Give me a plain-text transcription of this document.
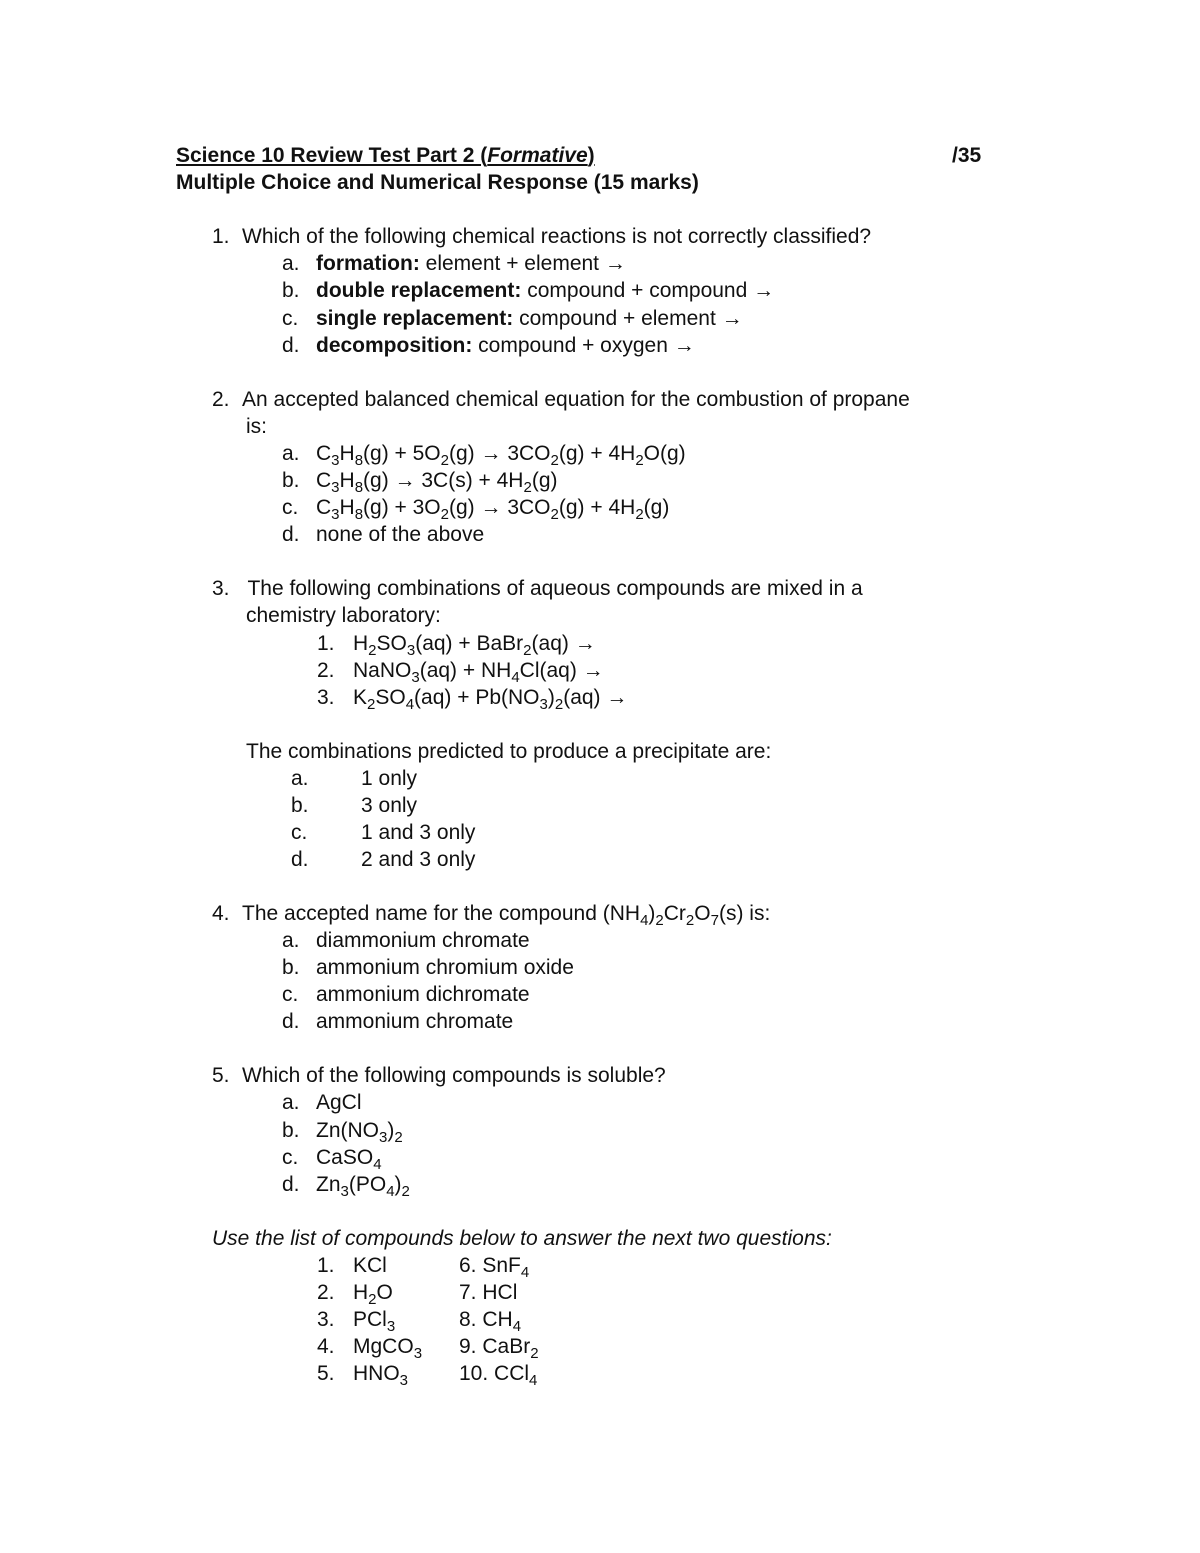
Science 10 Review Test Part 2 (Formative)	/35
Multiple Choice and Numerical Response (15 marks)
1. Which of the following chemical reactions is not correctly classified?
a. formation: element + element →
b. double replacement: compound + compound →
c. single replacement: compound + element →
d. decomposition: compound + oxygen →
2. An accepted balanced chemical equation for the combustion of propane
is:
a. $C_3H_8(g) + 5O_2(g) \to 3CO_2(g) + 4H_2O(g)$
b. $C_3H_8(g) \to 3C(s) + 4H_2(g)$
c. $C_3H_8(g) + 3O_2(g) \to 3CO_2(g) + 4H_2(g)$
d. none of the above
3. The following combinations of aqueous compounds are mixed in a
chemistry laboratory:
1. $H_2SO_3(aq)$ + BaBr$_2$(aq) →
2. NaNO$_3$(aq) + $NH_4Cl(aq)$ →
3. $K_2SO_4(aq) + Pb(NO_3)_2(aq)$ →
The combinations predicted to produce a precipitate are:
a. 1 only
b. 3 only
c.	1 and 3 only
d. 2 and 3 only
4. The accepted name for the compound $(NH_4)_2Cr_2O_7(s)$ is:
a. diammonium chromate
b. ammonium chromium oxide
c. ammonium dichromate
d. ammonium chromate
5. Which of the following compounds is soluble?
a. AgCl
b. $Zn(NO_3)_2$
c. CaSO$_4$
d. $Zn_3(PO_4)_2$
Use the list of compounds below to answer the next two questions:
1. KCl
2. $H_2O$
3. PCl$_3$
4. MgCO$_3$
5. $HNO_3$
6. SnF$_4$
7. HCl
8. $CH_4$
9. CaBr$_2$
10. CCl$_4$
